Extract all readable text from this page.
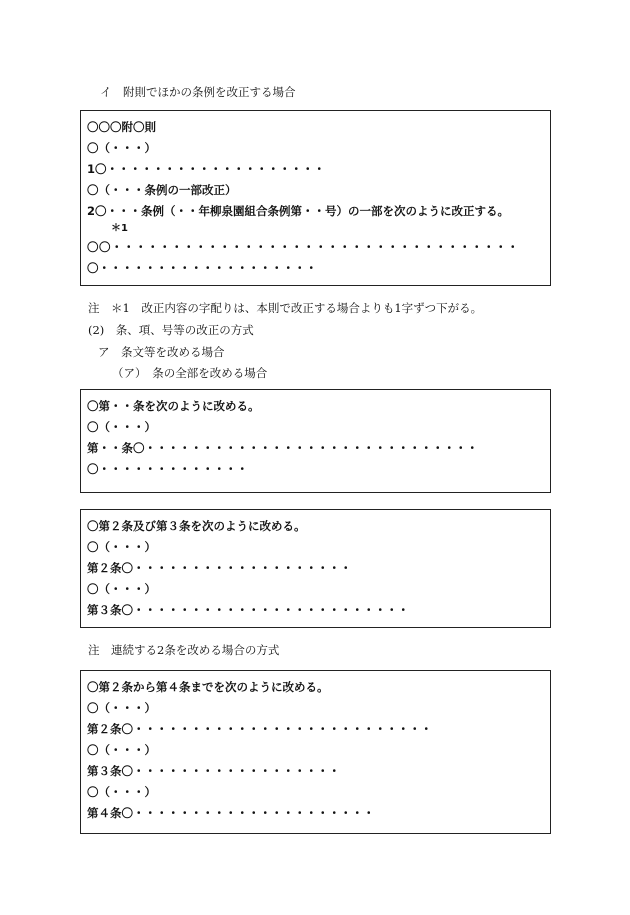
イ　附則でほかの条例を改正する場合
〇〇〇附〇則
〇（・・・）
1〇・・・・・・・・・・・・・・・・・・・
〇（・・・条例の一部改正）
2〇・・・条例（・・年柳泉園組合条例第・・号）の一部を次のように改正する。
＊1
〇〇・・・・・・・・・・・・・・・・・・・・・・・・・・・・・・・・・・
〇・・・・・・・・・・・・・・・・・・・
注　＊1　改正内容の字配りは、本則で改正する場合よりも1字ずつ下がる。
(2)　条、項、号等の改正の方式
ア　条文等を改める場合
（ア）　条の全部を改める場合
〇第・・条を次のように改める。
〇（・・・）
第・・条〇・・・・・・・・・・・・・・・・・・・・・・・・・・・・・
〇・・・・・・・・・・・・・
〇第２条及び第３条を次のように改める。
〇（・・・）
第２条〇・・・・・・・・・・・・・・・・・・・
〇（・・・）
第３条〇・・・・・・・・・・・・・・・・・・・・・・・・
注　連続する2条を改める場合の方式
〇第２条から第４条までを次のように改める。
〇（・・・）
第２条〇・・・・・・・・・・・・・・・・・・・・・・・・・・
〇（・・・）
第３条〇・・・・・・・・・・・・・・・・・・
〇（・・・）
第４条〇・・・・・・・・・・・・・・・・・・・・・
